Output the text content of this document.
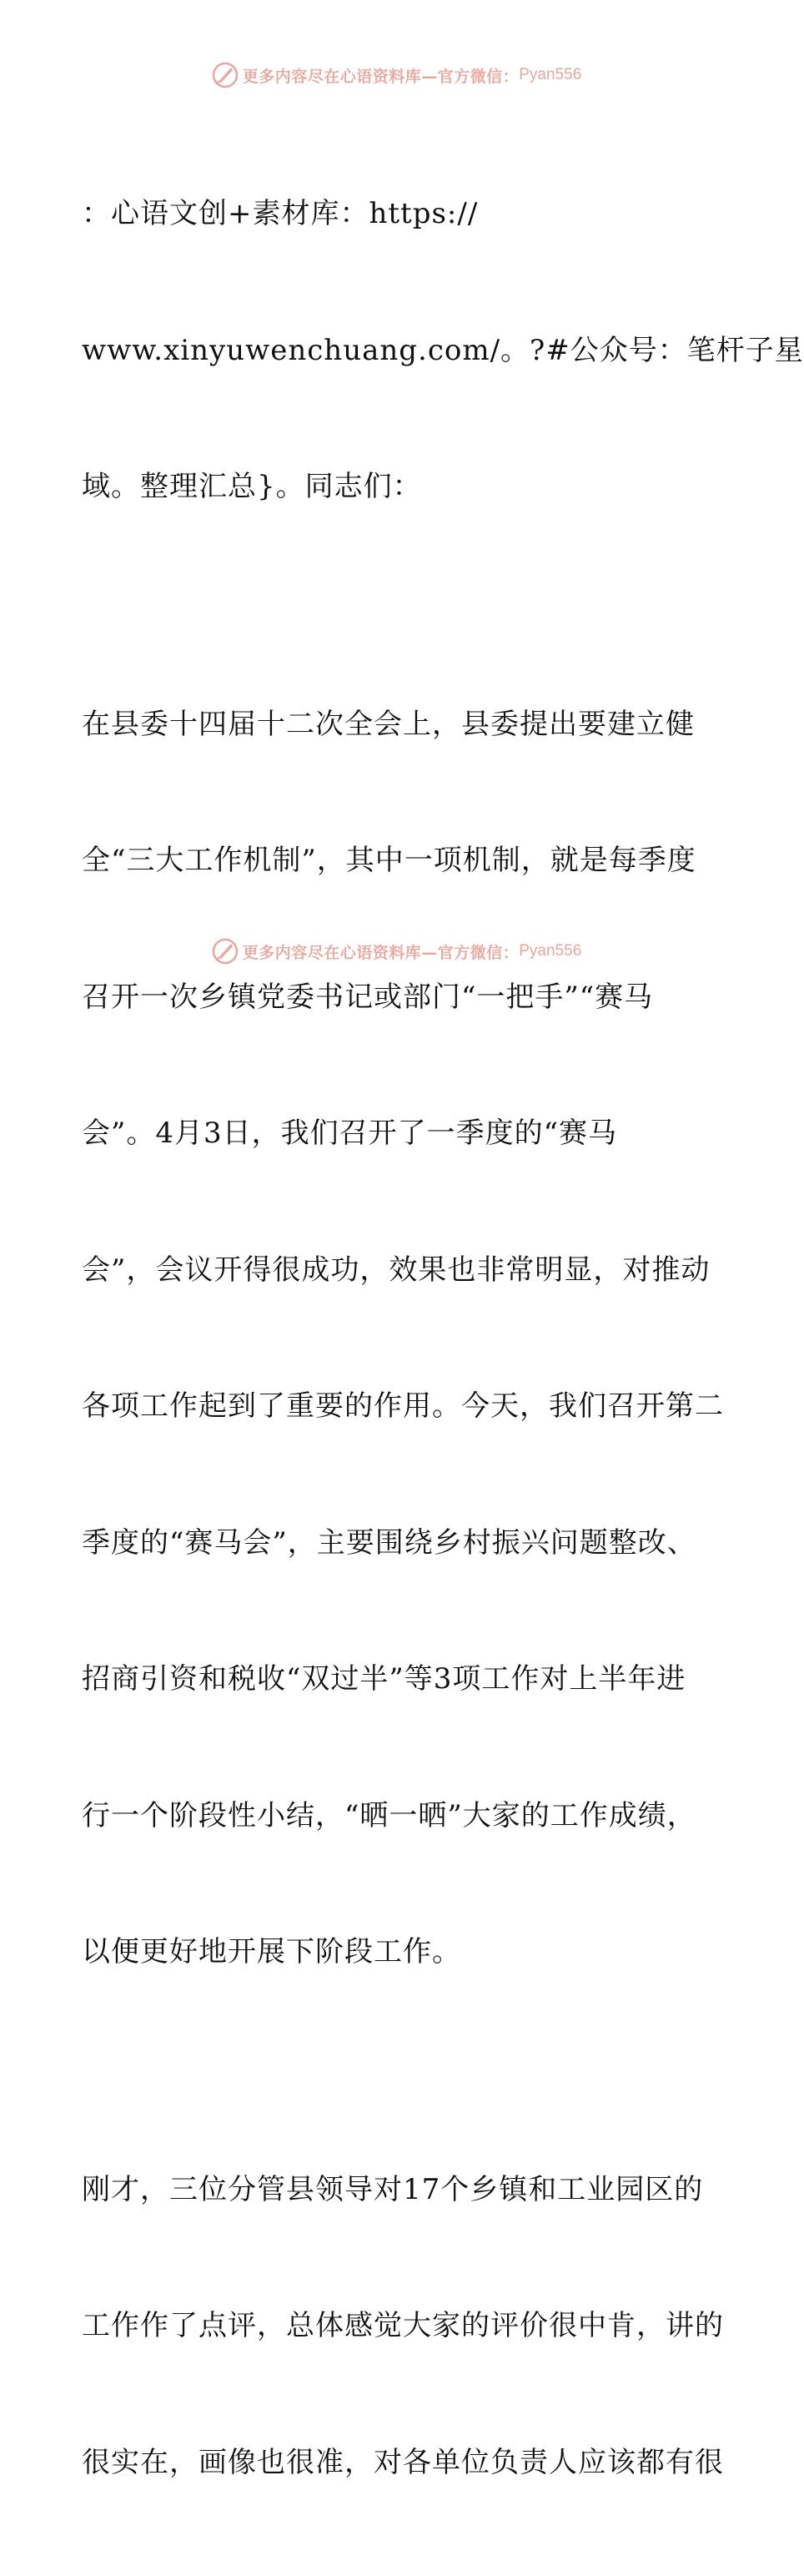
更多内容尽在心语资料库—官方微信： Pyan556

：心语文创+素材库：https://

www.xinyuwenchuang.com/。?#公众号：笔杆子星

域。整理汇总}。同志们：

在县委十四届十二次全会上，县委提出要建立健

全“三大工作机制”，其中一项机制，就是每季度

召开一次乡镇党委书记或部门“一把手”“赛马

会”。4月3日，我们召开了一季度的“赛马

会”，会议开得很成功，效果也非常明显，对推动

各项工作起到了重要的作用。今天，我们召开第二

季度的“赛马会”，主要围绕乡村振兴问题整改、

招商引资和税收“双过半”等3项工作对上半年进

行一个阶段性小结，“晒一晒”大家的工作成绩，

以便更好地开展下阶段工作。

刚才，三位分管县领导对17个乡镇和工业园区的

工作作了点评，总体感觉大家的评价很中肯，讲的

很实在，画像也很准，对各单位负责人应该都有很

更多内容尽在心语资料库—官方微信： Pyan556
